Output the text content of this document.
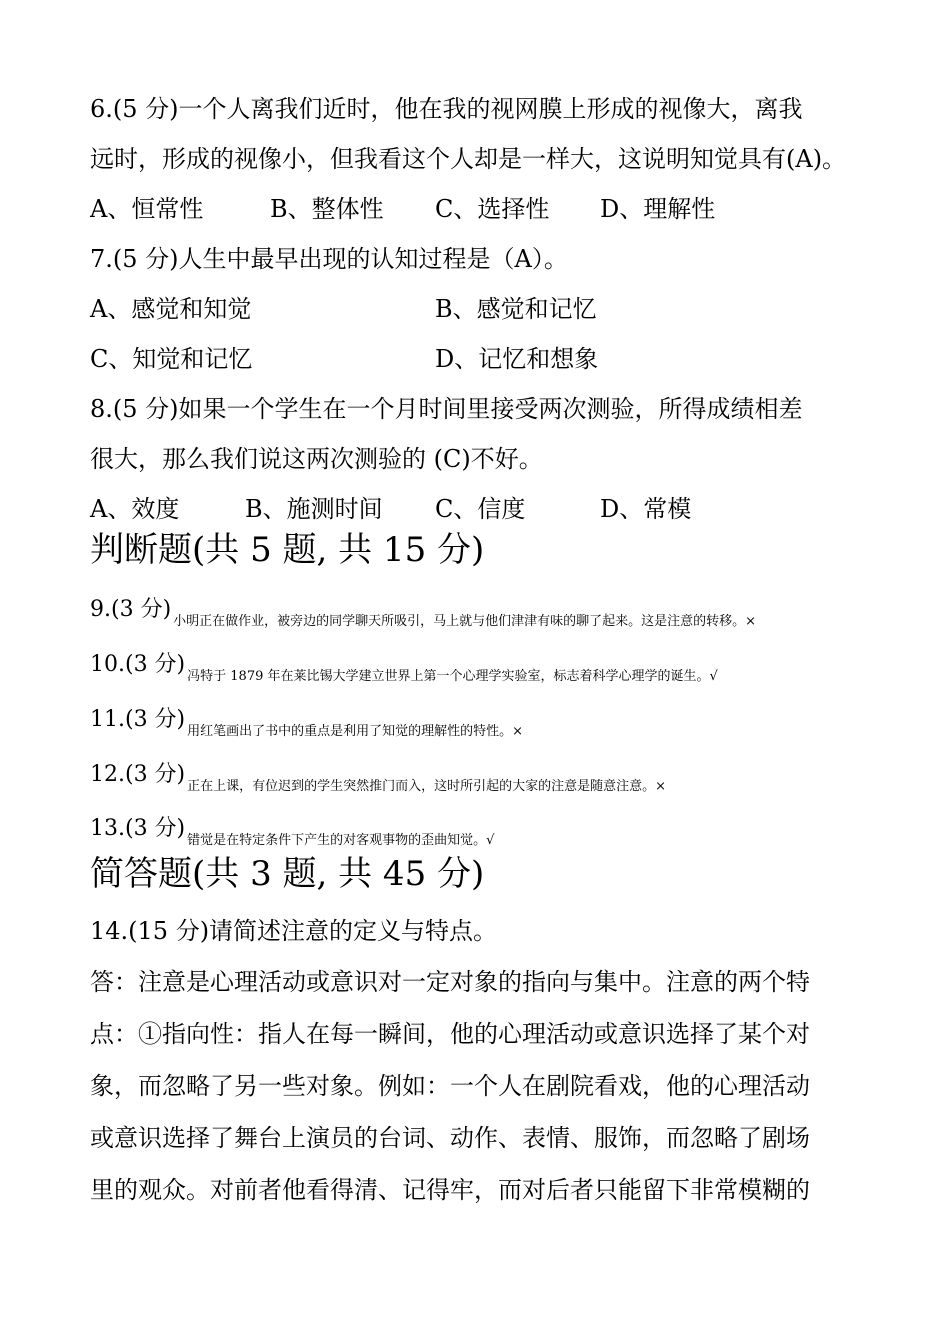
6.(5 分)一个人离我们近时，他在我的视网膜上形成的视像大，离我
远时，形成的视像小，但我看这个人却是一样大，这说明知觉具有(A)。
A、恒常性	B、整体性 C、选择性 D、理解性
7.(5 分)人生中最早出现的认知过程是（A）。
A、感觉和知觉	B、感觉和记忆
C、知觉和记忆	D、记忆和想象
8.(5 分)如果一个学生在一个月时间里接受两次测验，所得成绩相差
很大，那么我们说这两次测验的 (C)不好。
A、效度	B、施测时间 C、信度	D、常模
判断题(共 5 题, 共 15 分)
9.(3 分) 小明正在做作业，被旁边的同学聊天所吸引，马上就与他们津津有味的聊了起来。这是注意的转移。×
10.(3 分) 冯特于 1879 年在莱比锡大学建立世界上第一个心理学实验室，标志着科学心理学的诞生。√
11.(3 分) 用红笔画出了书中的重点是利用了知觉的理解性的特性。×
12.(3 分) 正在上课，有位迟到的学生突然推门而入，这时所引起的大家的注意是随意注意。×
13.(3 分) 错觉是在特定条件下产生的对客观事物的歪曲知觉。√
简答题(共 3 题, 共 45 分)
14.(15 分)请简述注意的定义与特点。
答：注意是心理活动或意识对一定对象的指向与集中。注意的两个特
点：①指向性：指人在每一瞬间，他的心理活动或意识选择了某个对
象，而忽略了另一些对象。例如：一个人在剧院看戏，他的心理活动
或意识选择了舞台上演员的台词、动作、表情、服饰，而忽略了剧场
里的观众。对前者他看得清、记得牢，而对后者只能留下非常模糊的
